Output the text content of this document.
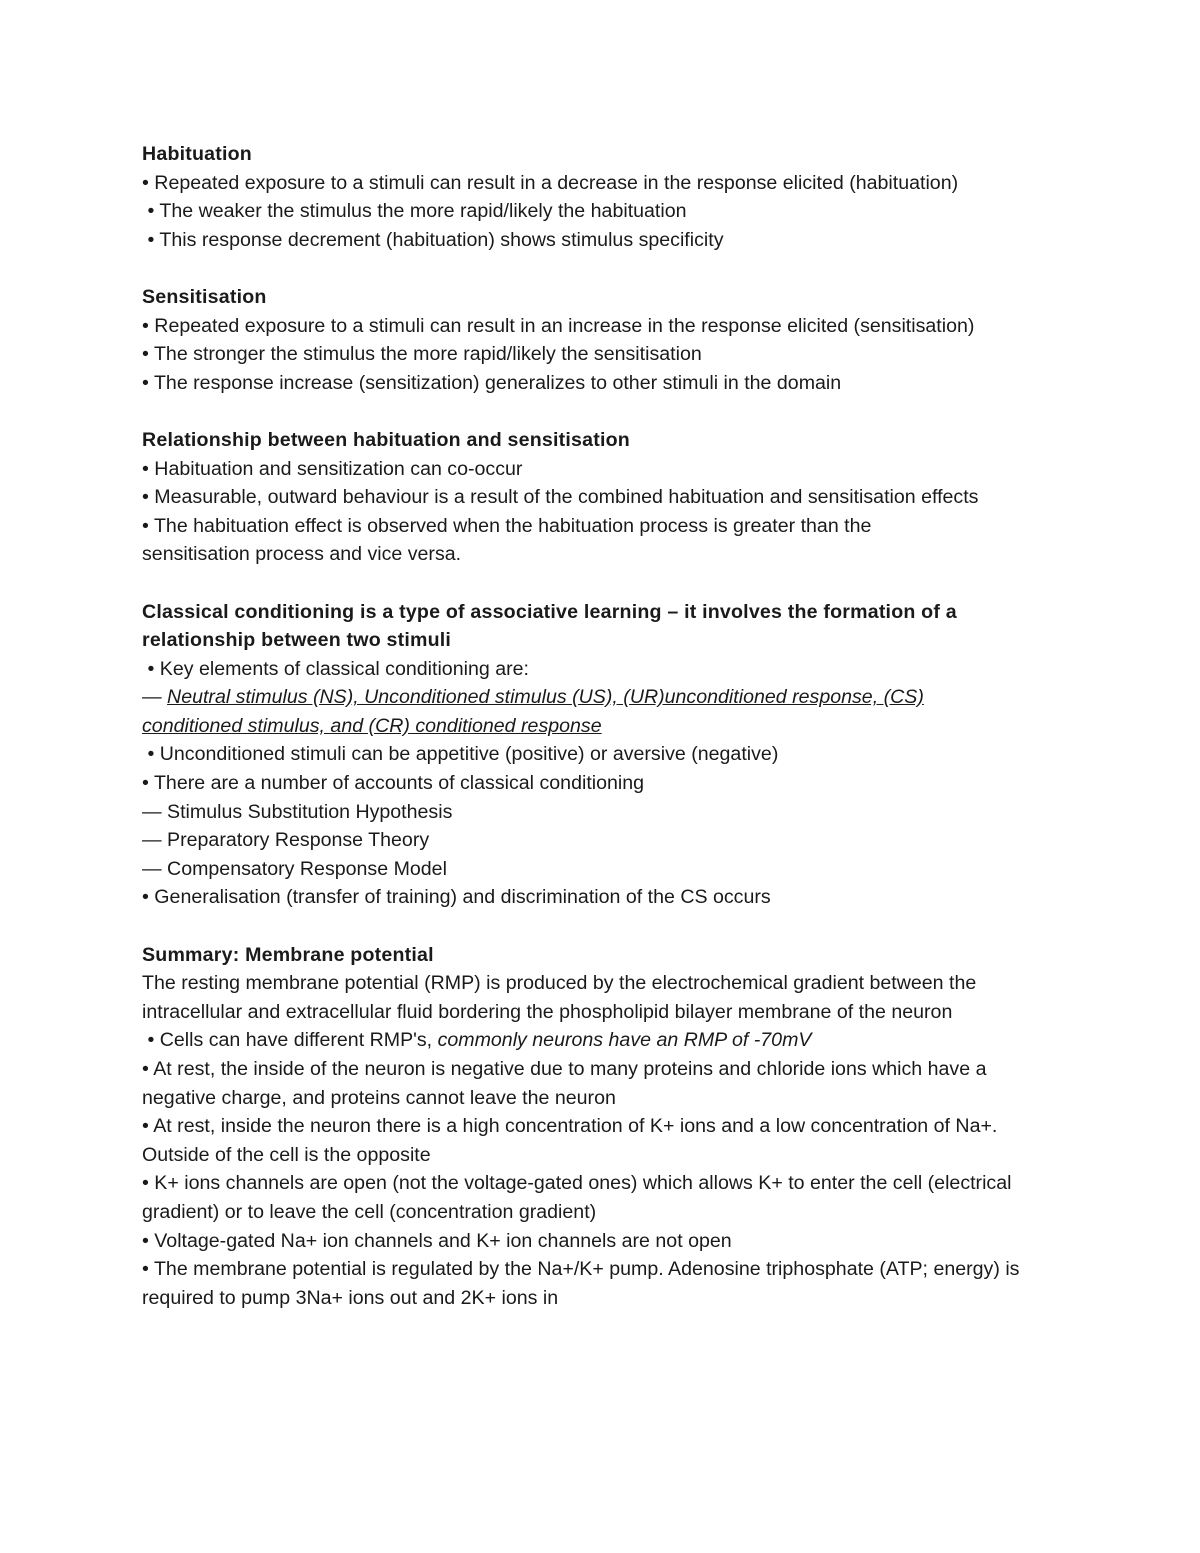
Habituation
• Repeated exposure to a stimuli can result in a decrease in the response elicited (habituation)
• The weaker the stimulus the more rapid/likely the habituation
• This response decrement (habituation) shows stimulus specificity
Sensitisation
• Repeated exposure to a stimuli can result in an increase in the response elicited (sensitisation)
• The stronger the stimulus the more rapid/likely the sensitisation
• The response increase (sensitization) generalizes to other stimuli in the domain
Relationship between habituation and sensitisation
• Habituation and sensitization can co-occur
• Measurable, outward behaviour is a result of the combined habituation and sensitisation effects
• The habituation effect is observed when the habituation process is greater than the sensitisation process and vice versa.
Classical conditioning is a type of associative learning – it involves the formation of a relationship between two stimuli
• Key elements of classical conditioning are:
— Neutral stimulus (NS), Unconditioned stimulus (US), (UR)unconditioned response, (CS) conditioned stimulus, and (CR) conditioned response
• Unconditioned stimuli can be appetitive (positive) or aversive (negative)
• There are a number of accounts of classical conditioning
— Stimulus Substitution Hypothesis
— Preparatory Response Theory
— Compensatory Response Model
• Generalisation (transfer of training) and discrimination of the CS occurs
Summary: Membrane potential
The resting membrane potential (RMP) is produced by the electrochemical gradient between the intracellular and extracellular fluid bordering the phospholipid bilayer membrane of the neuron
• Cells can have different RMP's, commonly neurons have an RMP of -70mV
• At rest, the inside of the neuron is negative due to many proteins and chloride ions which have a negative charge, and proteins cannot leave the neuron
• At rest, inside the neuron there is a high concentration of K+ ions and a low concentration of Na+. Outside of the cell is the opposite
• K+ ions channels are open (not the voltage-gated ones) which allows K+ to enter the cell (electrical gradient) or to leave the cell (concentration gradient)
• Voltage-gated Na+ ion channels and K+ ion channels are not open
• The membrane potential is regulated by the Na+/K+ pump. Adenosine triphosphate (ATP; energy) is required to pump 3Na+ ions out and 2K+ ions in
